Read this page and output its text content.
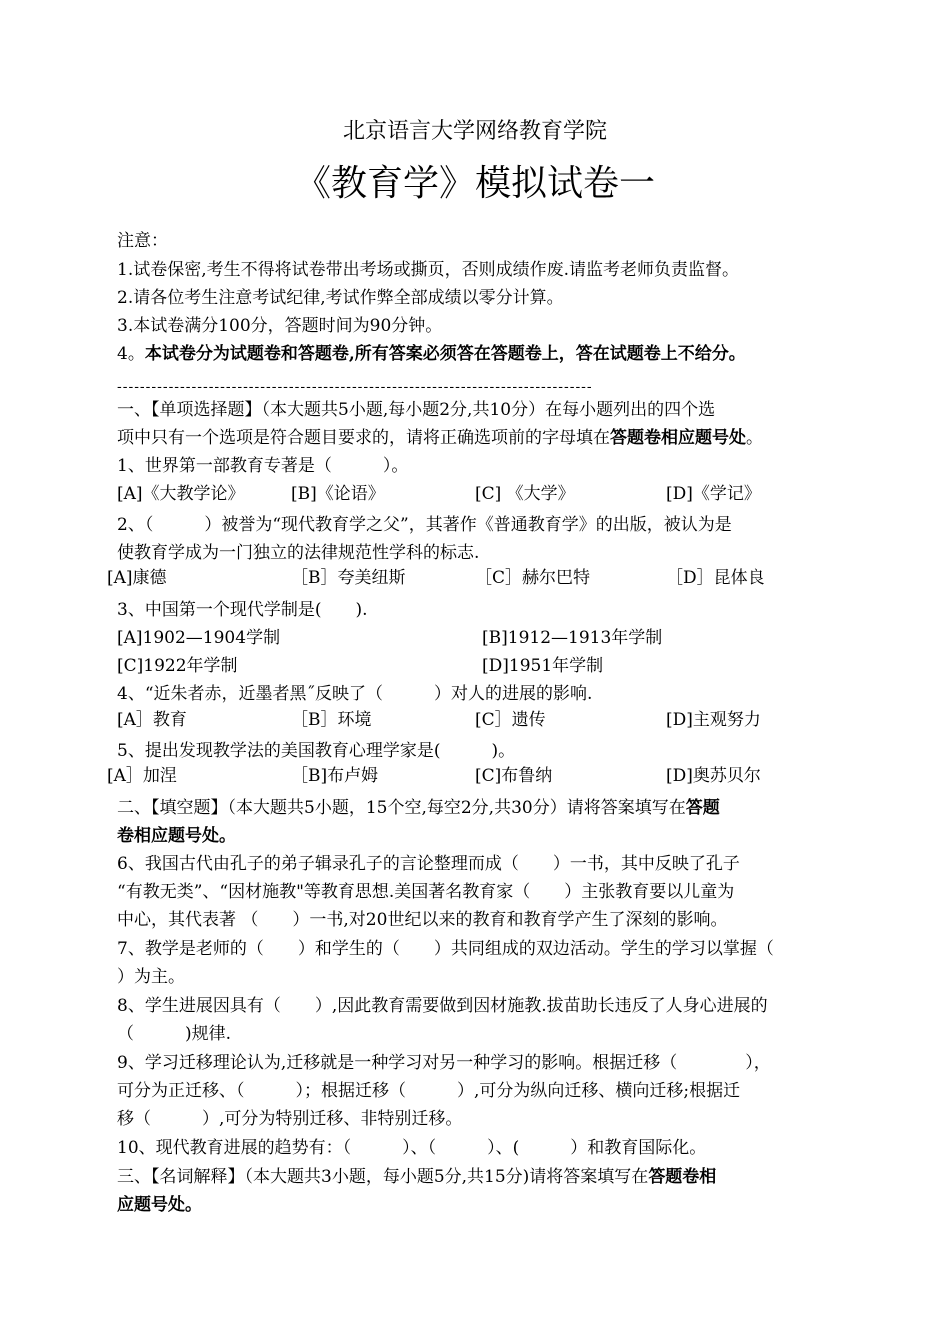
北京语言大学网络教育学院
《教育学》模拟试卷一
注意：
1.试卷保密,考生不得将试卷带出考场或撕页，否则成绩作废.请监考老师负责监督。
2.请各位考生注意考试纪律,考试作弊全部成绩以零分计算。
3.本试卷满分100分，答题时间为90分钟。
4。本试卷分为试题卷和答题卷,所有答案必须答在答题卷上，答在试题卷上不给分。
-----------------------------------------------------------------------------------
一、【单项选择题】（本大题共5小题,每小题2分,共10分）在每小题列出的四个选
项中只有一个选项是符合题目要求的，请将正确选项前的字母填在答题卷相应题号处。
1、世界第一部教育专著是（　　　）。
[A]《大教学论》	[B]《论语》	[C] 《大学》	[D]《学记》
2、（　　　）被誉为“现代教育学之父”，其著作《普通教育学》的出版，被认为是
使教育学成为一门独立的法律规范性学科的标志.
[A]康德	［B］夸美纽斯	［C］赫尔巴特	［D］昆体良
3、中国第一个现代学制是(　　).
[A]1902—1904学制	[B]1912—1913年学制
[C]1922年学制	[D]1951年学制
4、“近朱者赤，近墨者黑˝反映了（　　　）对人的进展的影响.
[A］教育	［B］环境	[C］遗传	[D]主观努力
5、提出发现教学法的美国教育心理学家是(　　　)。
[A］加涅	［B]布卢姆	[C]布鲁纳	[D]奥苏贝尔
二、【填空题】（本大题共5小题，15个空,每空2分,共30分）请将答案填写在答题
卷相应题号处。
6、我国古代由孔子的弟子辑录孔子的言论整理而成（　　）一书，其中反映了孔子
“有教无类”、“因材施教"等教育思想.美国著名教育家（　　）主张教育要以儿童为
中心，其代表著 （　　）一书,对20世纪以来的教育和教育学产生了深刻的影响。
7、教学是老师的（　　）和学生的（　　）共同组成的双边活动。学生的学习以掌握（
）为主。
8、学生进展因具有（　　）,因此教育需要做到因材施教.拔苗助长违反了人身心进展的
（　　　)规律.
9、学习迁移理论认为,迁移就是一种学习对另一种学习的影响。根据迁移（　　　　），
可分为正迁移、（　　　）；根据迁移（　　　）,可分为纵向迁移、横向迁移;根据迁
移（　　　）,可分为特别迁移、非特别迁移。
10、现代教育进展的趋势有：（　　　）、（　　　）、(　　　）和教育国际化。
三、【名词解释】（本大题共3小题，每小题5分,共15分)请将答案填写在答题卷相
应题号处。
